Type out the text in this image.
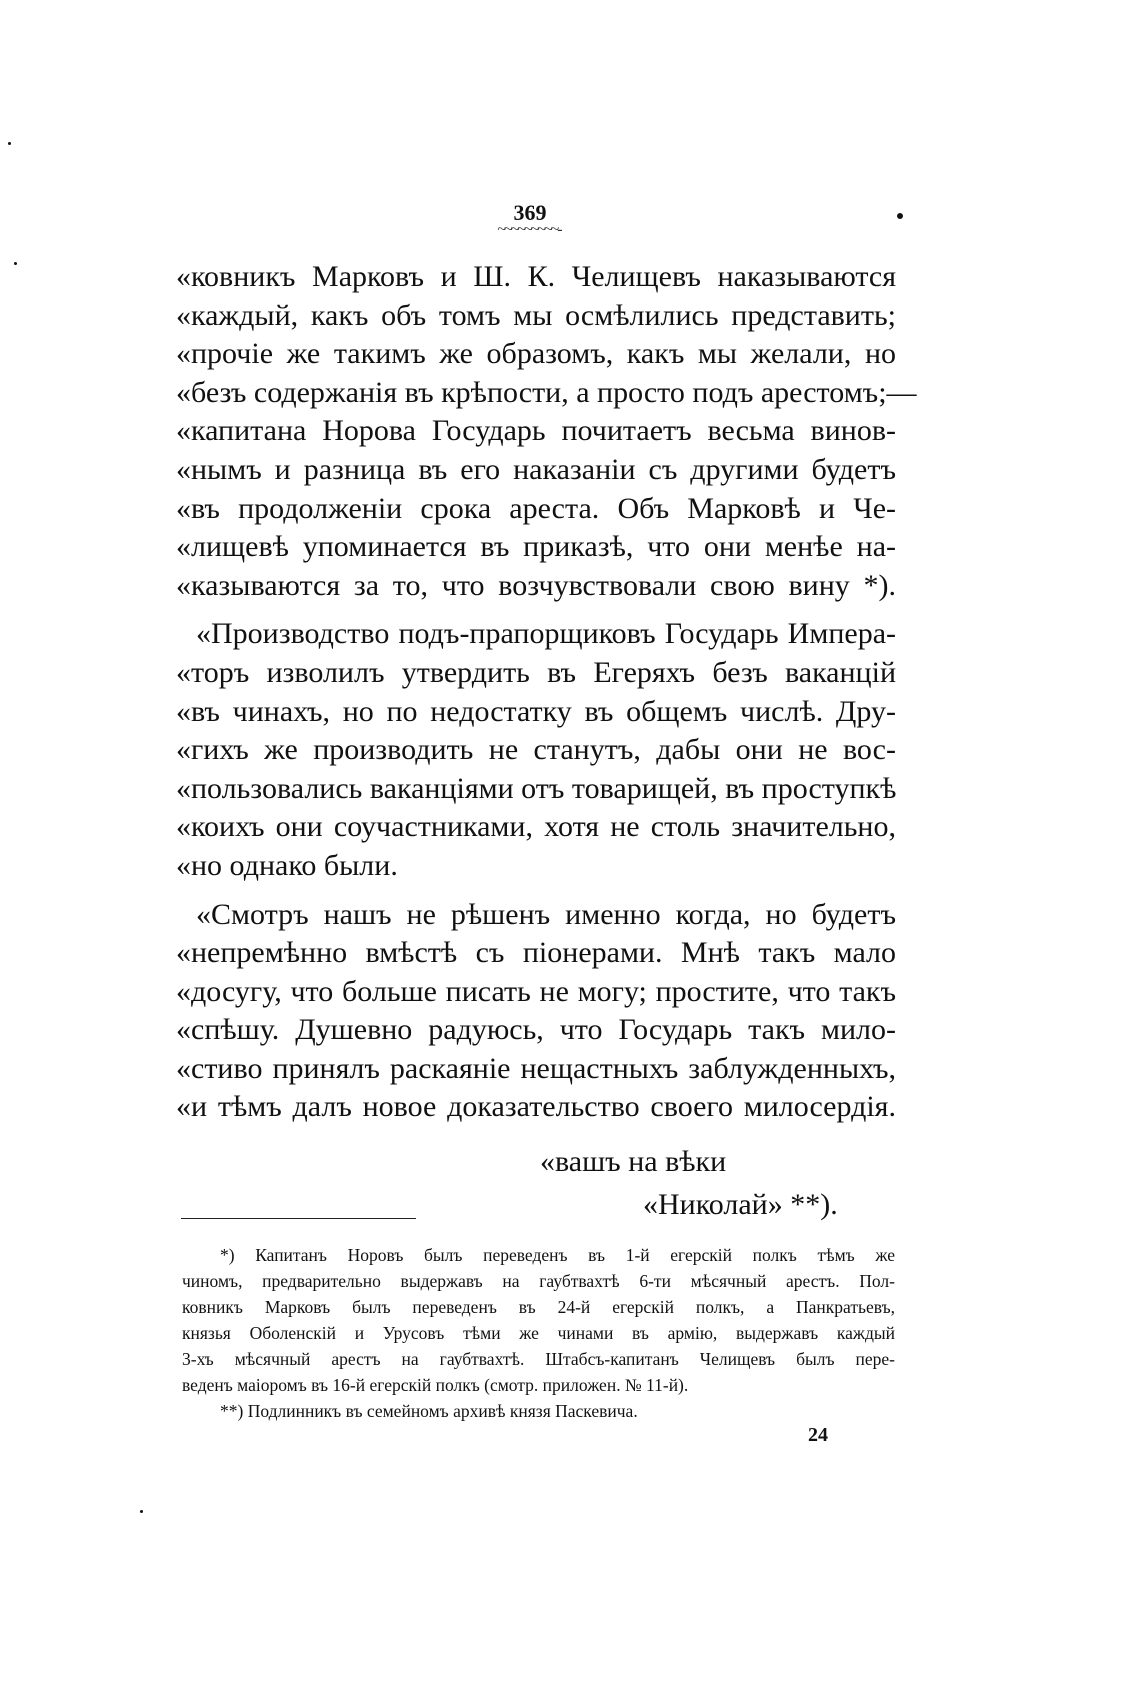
369
~~~~~~~~~-
«ковникъ Марковъ и Ш. К. Челищевъ наказываются
«каждый, какъ объ томъ мы осмѣлились представить;
«прочіе же такимъ же образомъ, какъ мы желали, но
«безъ содержанія въ крѣпости, а просто подъ арестомъ;—
«капитана Норова Государь почитаетъ весьма винов-
«нымъ и разница въ его наказаніи съ другими будетъ
«въ продолженіи срока ареста. Объ Марковѣ и Че-
«лищевѣ упоминается въ приказѣ, что они менѣе на-
«казываются за то, что возчувствовали свою вину *).
«Производство подъ-прапорщиковъ Государь Импера-
«торъ изволилъ утвердить въ Егеряхъ безъ ваканцій
«въ чинахъ, но по недостатку въ общемъ числѣ. Дру-
«гихъ же производить не станутъ, дабы они не вос-
«пользовались ваканціями отъ товарищей, въ проступкѣ
«коихъ они соучастниками, хотя не столь значительно,
«но однако были.
«Смотръ нашъ не рѣшенъ именно когда, но будетъ
«непремѣнно вмѣстѣ съ піонерами. Мнѣ такъ мало
«досугу, что больше писать не могу; простите, что такъ
«спѣшу. Душевно радуюсь, что Государь такъ мило-
«стиво принялъ раскаяніе нещастныхъ заблужденныхъ,
«и тѣмъ далъ новое доказательство своего милосердія.
«вашъ на вѣки
«Николай» **).
*) Капитанъ Норовъ былъ переведенъ въ 1-й егерскій полкъ тѣмъ же
чиномъ, предварительно выдержавъ на гаубтвахтѣ 6-ти мѣсячный арестъ. Пол-
ковникъ Марковъ былъ переведенъ въ 24-й егерскій полкъ, а Панкратьевъ,
князья Оболенскій и Урусовъ тѣми же чинами въ армію, выдержавъ каждый
3-хъ мѣсячный арестъ на гаубтвахтѣ. Штабсъ-капитанъ Челищевъ былъ пере-
веденъ маіоромъ въ 16-й егерскій полкъ (смотр. приложен. № 11-й).
**) Подлинникъ въ семейномъ архивѣ князя Паскевича.
24
